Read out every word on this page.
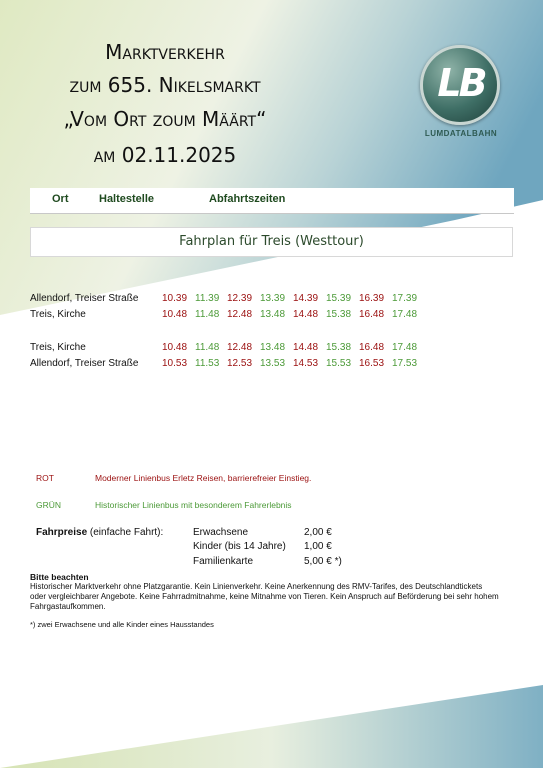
Marktverkehr
zum 655. Nikelsmarkt
„Vom Ort zoum Määrt“
am 02.11.2025
LB
LUMDATALBAHN
Ort	Haltestelle	Abfahrtszeiten
Fahrplan für Treis (Westtour)
Allendorf, Treiser Straße 10.39 11.39 12.39 13.39 14.39 15.39 16.39 17.39
Treis, Kirche	10.48 11.48 12.48 13.48 14.48 15.38 16.48 17.48
Treis, Kirche	10.48 11.48 12.48 13.48 14.48 15.38 16.48 17.48
Allendorf, Treiser Straße 10.53 11.53 12.53 13.53 14.53 15.53 16.53 17.53
ROT	Moderner Linienbus Erletz Reisen, barrierefreier Einstieg.
GRÜN	Historischer Linienbus mit besonderem Fahrerlebnis
Fahrpreise (einfache Fahrt):	Erwachsene	2,00 €
Kinder (bis 14 Jahre) 1,00 €
Familienkarte	5,00 € *)
Bitte beachten
Historischer Marktverkehr ohne Platzgarantie. Kein Linienverkehr. Keine Anerkennung des RMV-Tarifes, des Deutschlandtickets oder vergleichbarer Angebote. Keine Fahrradmitnahme, keine Mitnahme von Tieren. Kein Anspruch auf Beförderung bei sehr hohem Fahrgastaufkommen.
*) zwei Erwachsene und alle Kinder eines Hausstandes
